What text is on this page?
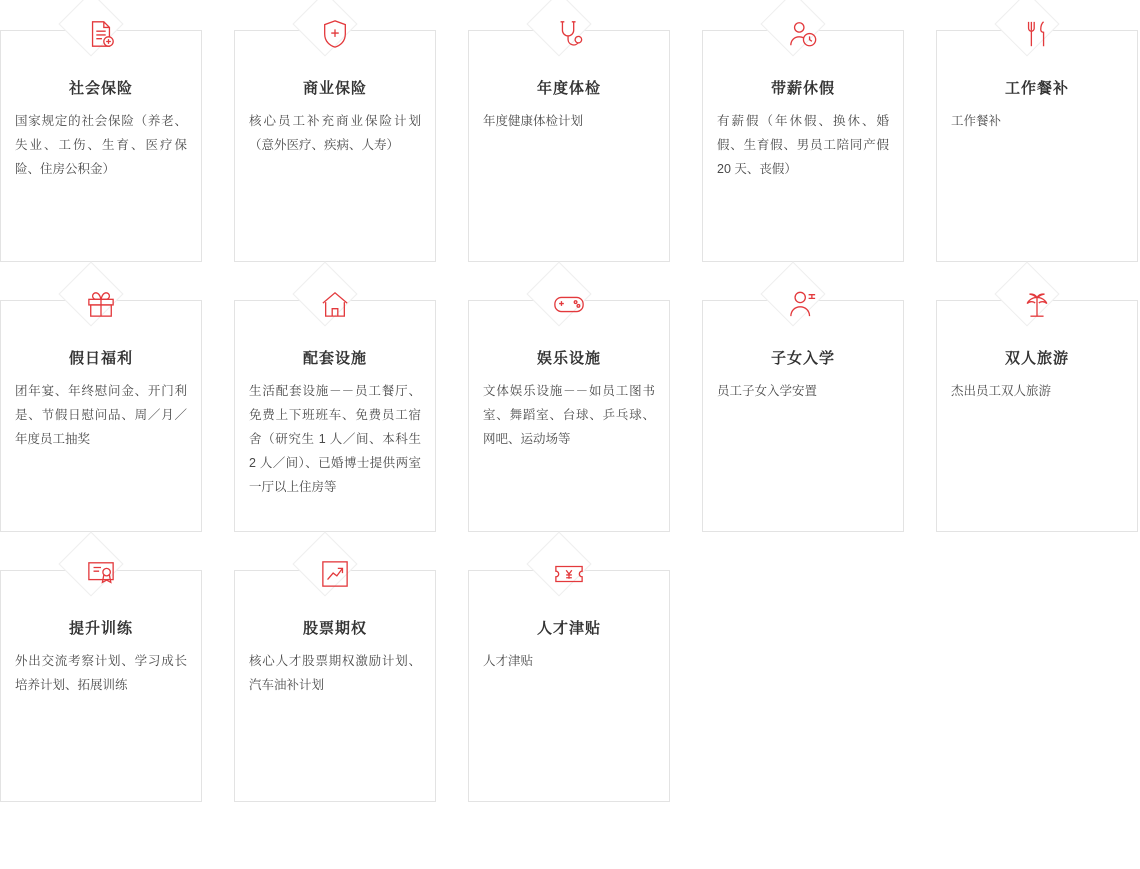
社会保险

国家规定的社会保险（养老、失业、工伤、生育、医疗保险、住房公积金）

商业保险

核心员工补充商业保险计划（意外医疗、疾病、人寿）

年度体检

年度健康体检计划

带薪休假

有薪假（年休假、换休、婚假、生育假、男员工陪同产假 20 天、丧假）

工作餐补

工作餐补

假日福利

团年宴、年终慰问金、开门利是、节假日慰问品、周／月／年度员工抽奖

配套设施

生活配套设施－－员工餐厅、免费上下班班车、免费员工宿舍（研究生 1 人／间、本科生 2 人／间）、已婚博士提供两室一厅以上住房等

娱乐设施

文体娱乐设施－－如员工图书室、舞蹈室、台球、乒乓球、网吧、运动场等

子女入学

员工子女入学安置

双人旅游

杰出员工双人旅游

提升训练

外出交流考察计划、学习成长培养计划、拓展训练

股票期权

核心人才股票期权激励计划、汽车油补计划

人才津贴

人才津贴
